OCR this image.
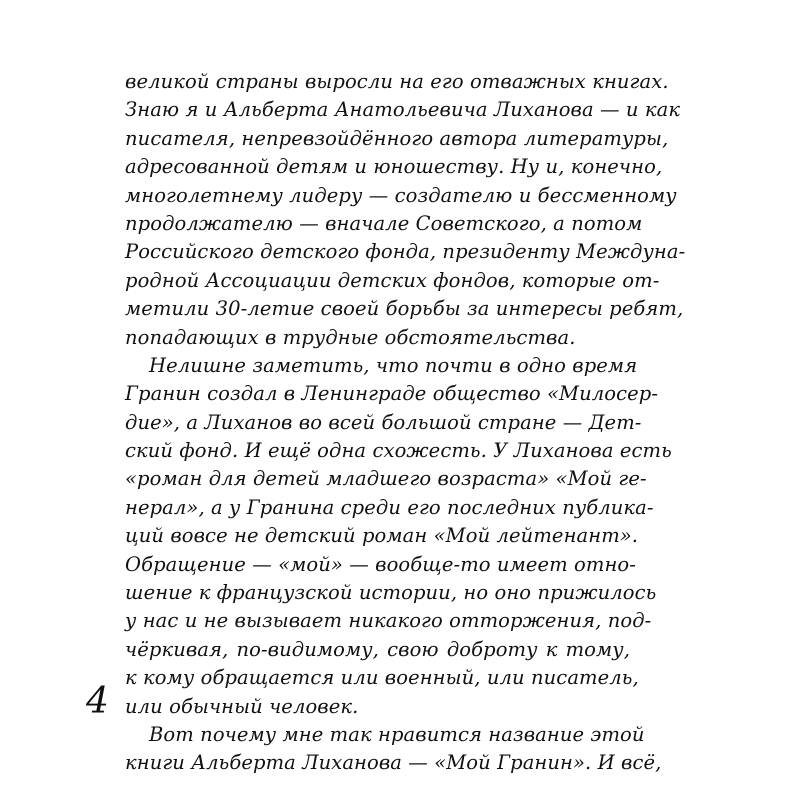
великой страны выросли на его отважных книгах.
Знаю я и Альберта Анатольевича Лиханова — и как
писателя, непревзойдённого автора литературы,
адресованной детям и юношеству. Ну и, конечно,
многолетнему лидеру — создателю и бессменному
продолжателю — вначале Советского, а потом
Российского детского фонда, президенту Междуна-
родной Ассоциации детских фондов, которые от-
метили 30-летие своей борьбы за интересы ребят,
попадающих в трудные обстоятельства.
Нелишне заметить, что почти в одно время
Гранин создал в Ленинграде общество «Милосер-
дие», а Лиханов во всей большой стране — Дет-
ский фонд. И ещё одна схожесть. У Лиханова есть
«роман для детей младшего возраста» «Мой ге-
нерал», а у Гранина среди его последних публика-
ций вовсе не детский роман «Мой лейтенант».
Обращение — «мой» — вообще-то имеет отно-
шение к французской истории, но оно прижилось
у нас и не вызывает никакого отторжения, под-
чёркивая, по-видимому, свою доброту к тому,
к кому обращается или военный, или писатель,
или обычный человек.
Вот почему мне так нравится название этой
книги Альберта Лиханова — «Мой Гранин». И всё,
4
